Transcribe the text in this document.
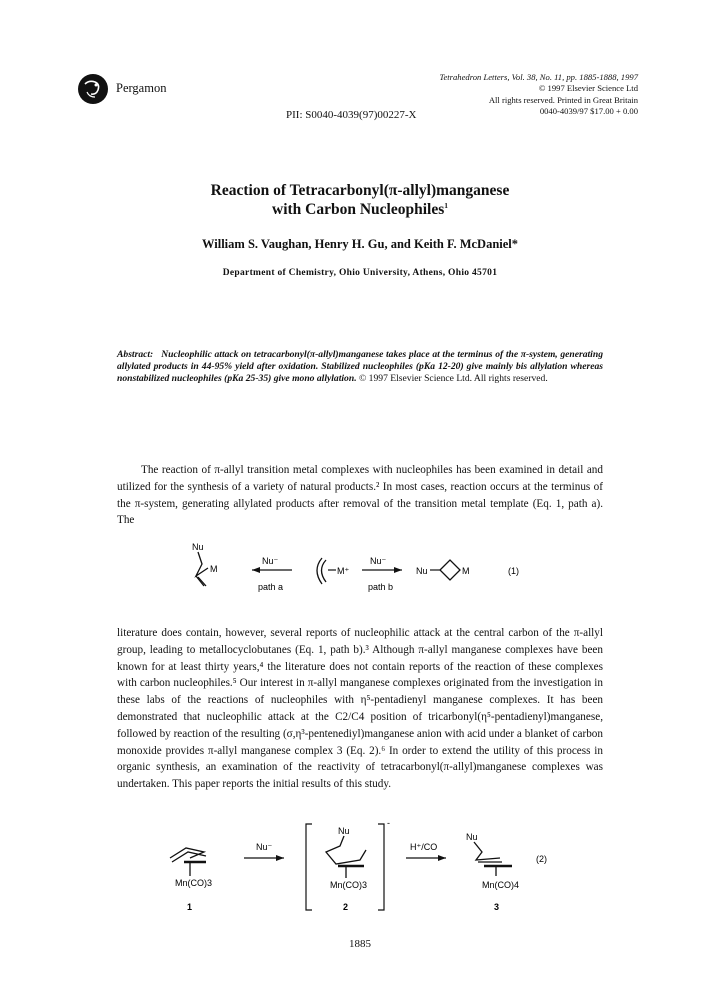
Pergamon
Tetrahedron Letters, Vol. 38, No. 11, pp. 1885-1888, 1997
© 1997 Elsevier Science Ltd
All rights reserved. Printed in Great Britain
0040-4039/97 $17.00 + 0.00
PII: S0040-4039(97)00227-X
Reaction of Tetracarbonyl(π-allyl)manganese
with Carbon Nucleophiles$^1$
William S. Vaughan, Henry H. Gu, and Keith F. McDaniel*
Department of Chemistry, Ohio University, Athens, Ohio 45701
Abstract: Nucleophilic attack on tetracarbonyl(π-allyl)manganese takes place at the terminus of the π-system, generating allylated products in 44-95% yield after oxidation. Stabilized nucleophiles (pKa 12-20) give mainly bis allylation whereas nonstabilized nucleophiles (pKa 25-35) give mono allylation. © 1997 Elsevier Science Ltd. All rights reserved.
The reaction of π-allyl transition metal complexes with nucleophiles has been examined in detail and utilized for the synthesis of a variety of natural products.² In most cases, reaction occurs at the terminus of the π-system, generating allylated products after removal of the transition metal template (Eq. 1, path a). The
Nu
M
Nu⁻
path a
M⁺
Nu⁻
path b
Nu	M	(1)
literature does contain, however, several reports of nucleophilic attack at the central carbon of the π-allyl group, leading to metallocyclobutanes (Eq. 1, path b).³ Although π-allyl manganese complexes have been known for at least thirty years,⁴ the literature does not contain reports of the reaction of these complexes with carbon nucleophiles.⁵ Our interest in π-allyl manganese complexes originated from the investigation in these labs of the reactions of nucleophiles with η⁵-pentadienyl manganese complexes. It has been demonstrated that nucleophilic attack at the C2/C4 position of tricarbonyl(η⁵-pentadienyl)manganese, followed by reaction of the resulting (σ,η³-pentenediyl)manganese anion with acid under a blanket of carbon monoxide provides π-allyl manganese complex 3 (Eq. 2).⁶ In order to extend the utility of this process in organic synthesis, an examination of the reactivity of tetracarbonyl(π-allyl)manganese complexes was undertaken. This paper reports the initial results of this study.
Mn(CO)3
1
Nu⁻
-
Nu
Mn(CO)3
2
H⁺/CO
Nu
Mn(CO)4
3
(2)
1885
